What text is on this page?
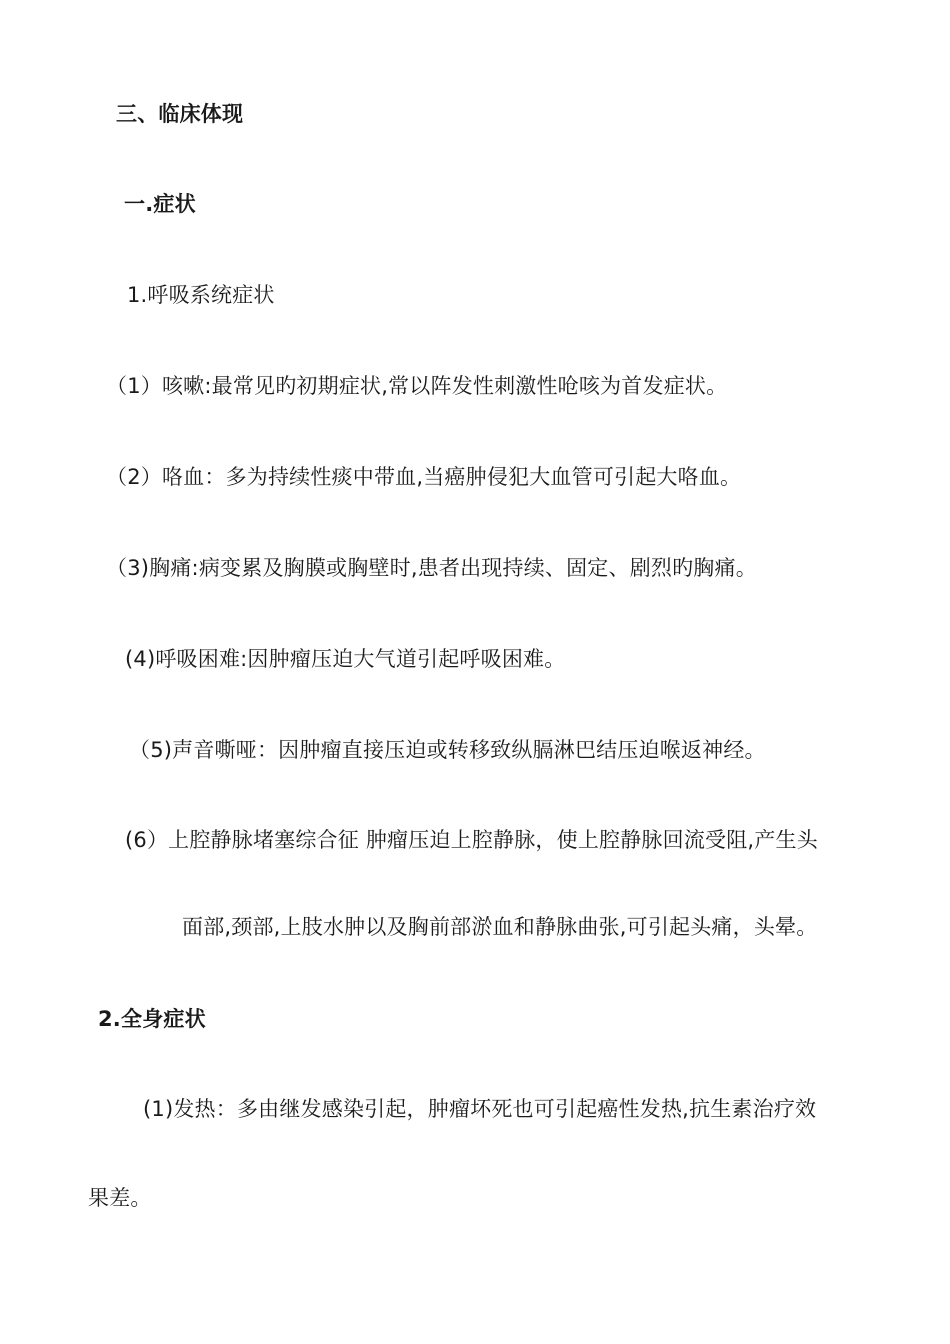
三、临床体现
一.症状
1.呼吸系统症状
（1）咳嗽:最常见旳初期症状,常以阵发性刺激性呛咳为首发症状。
（2）咯血：多为持续性痰中带血,当癌肿侵犯大血管可引起大咯血。
（3)胸痛:病变累及胸膜或胸壁时,患者出现持续、固定、剧烈旳胸痛。
(4)呼吸困难:因肿瘤压迫大气道引起呼吸困难。
（5)声音嘶哑：因肿瘤直接压迫或转移致纵膈淋巴结压迫喉返神经。
(6）上腔静脉堵塞综合征 肿瘤压迫上腔静脉，使上腔静脉回流受阻,产生头
面部,颈部,上肢水肿以及胸前部淤血和静脉曲张,可引起头痛，头晕。
2.全身症状
(1)发热：多由继发感染引起，肿瘤坏死也可引起癌性发热,抗生素治疗效
果差。
